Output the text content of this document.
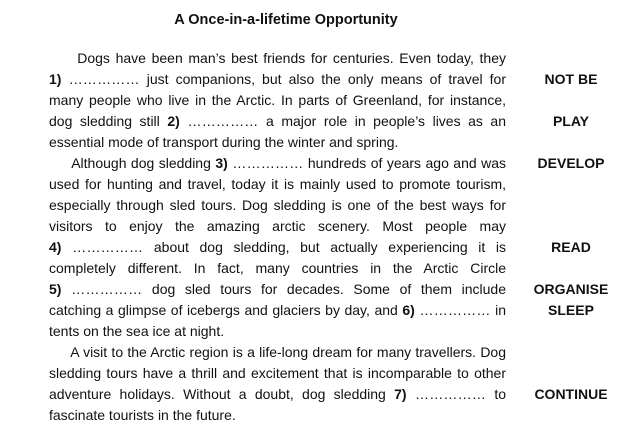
A Once-in-a-lifetime Opportunity
Dogs have been man’s best friends for centuries. Even today, they
1) …………… just companions, but also the only means of travel for
many people who live in the Arctic. In parts of Greenland, for instance,
dog sledding still 2) …………… a major role in people’s lives as an
essential mode of transport during the winter and spring.
Although dog sledding 3) …………… hundreds of years ago and was
used for hunting and travel, today it is mainly used to promote tourism,
especially through sled tours. Dog sledding is one of the best ways for
visitors to enjoy the amazing arctic scenery. Most people may
4) …………… about dog sledding, but actually experiencing it is
completely different. In fact, many countries in the Arctic Circle
5) …………… dog sled tours for decades. Some of them include
catching a glimpse of icebergs and glaciers by day, and 6) …………… in
tents on the sea ice at night.
A visit to the Arctic region is a life-long dream for many travellers. Dog
sledding tours have a thrill and excitement that is incomparable to other
adventure holidays. Without a doubt, dog sledding 7) …………… to
fascinate tourists in the future.
NOT BE
PLAY
DEVELOP
READ
ORGANISE
SLEEP
CONTINUE
